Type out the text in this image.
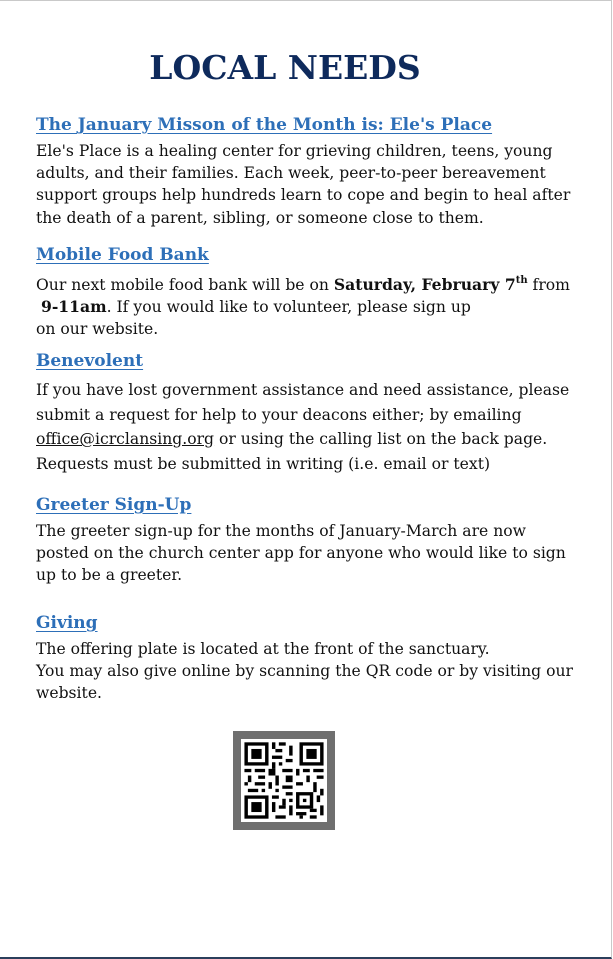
LOCAL NEEDS
The January Misson of the Month is: Ele's Place
Ele's Place is a healing center for grieving children, teens, young
adults, and their families. Each week, peer-to-peer bereavement
support groups help hundreds learn to cope and begin to heal after
the death of a parent, sibling, or someone close to them.
Mobile Food Bank
Our next mobile food bank will be on Saturday, February 7th from
9-11am. If you would like to volunteer, please sign up
on our website.
Benevolent
If you have lost government assistance and need assistance, please
submit a request for help to your deacons either; by emailing
office@icrclansing.org or using the calling list on the back page.
Requests must be submitted in writing (i.e. email or text)
Greeter Sign-Up
The greeter sign-up for the months of January-March are now
posted on the church center app for anyone who would like to sign
up to be a greeter.
Giving
The offering plate is located at the front of the sanctuary.
You may also give online by scanning the QR code or by visiting our
website.
